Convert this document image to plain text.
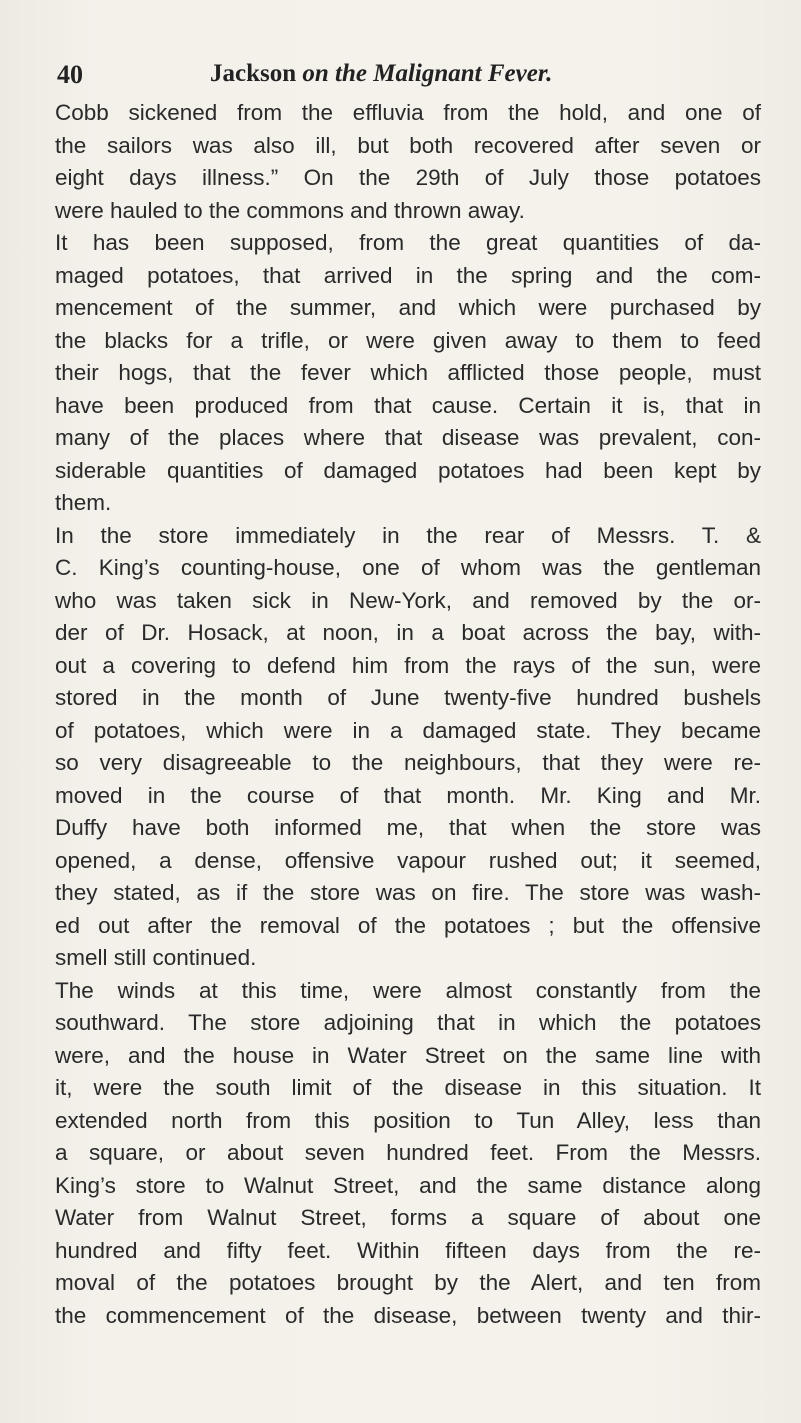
40	Jackson on the Malignant Fever.
Cobb sickened from the effluvia from the hold, and one of
the sailors was also ill, but both recovered after seven or
eight days illness.” On the 29th of July those potatoes
were hauled to the commons and thrown away.
It has been supposed, from the great quantities of da-
maged potatoes, that arrived in the spring and the com-
mencement of the summer, and which were purchased by
the blacks for a trifle, or were given away to them to feed
their hogs, that the fever which afflicted those people, must
have been produced from that cause. Certain it is, that in
many of the places where that disease was prevalent, con-
siderable quantities of damaged potatoes had been kept by
them.
In the store immediately in the rear of Messrs. T. &
C. King’s counting-house, one of whom was the gentleman
who was taken sick in New-York, and removed by the or-
der of Dr. Hosack, at noon, in a boat across the bay, with-
out a covering to defend him from the rays of the sun, were
stored in the month of June twenty-five hundred bushels
of potatoes, which were in a damaged state. They became
so very disagreeable to the neighbours, that they were re-
moved in the course of that month. Mr. King and Mr.
Duffy have both informed me, that when the store was
opened, a dense, offensive vapour rushed out; it seemed,
they stated, as if the store was on fire. The store was wash-
ed out after the removal of the potatoes ; but the offensive
smell still continued.
The winds at this time, were almost constantly from the
southward. The store adjoining that in which the potatoes
were, and the house in Water Street on the same line with
it, were the south limit of the disease in this situation. It
extended north from this position to Tun Alley, less than
a square, or about seven hundred feet. From the Messrs.
King’s store to Walnut Street, and the same distance along
Water from Walnut Street, forms a square of about one
hundred and fifty feet. Within fifteen days from the re-
moval of the potatoes brought by the Alert, and ten from
the commencement of the disease, between twenty and thir-
